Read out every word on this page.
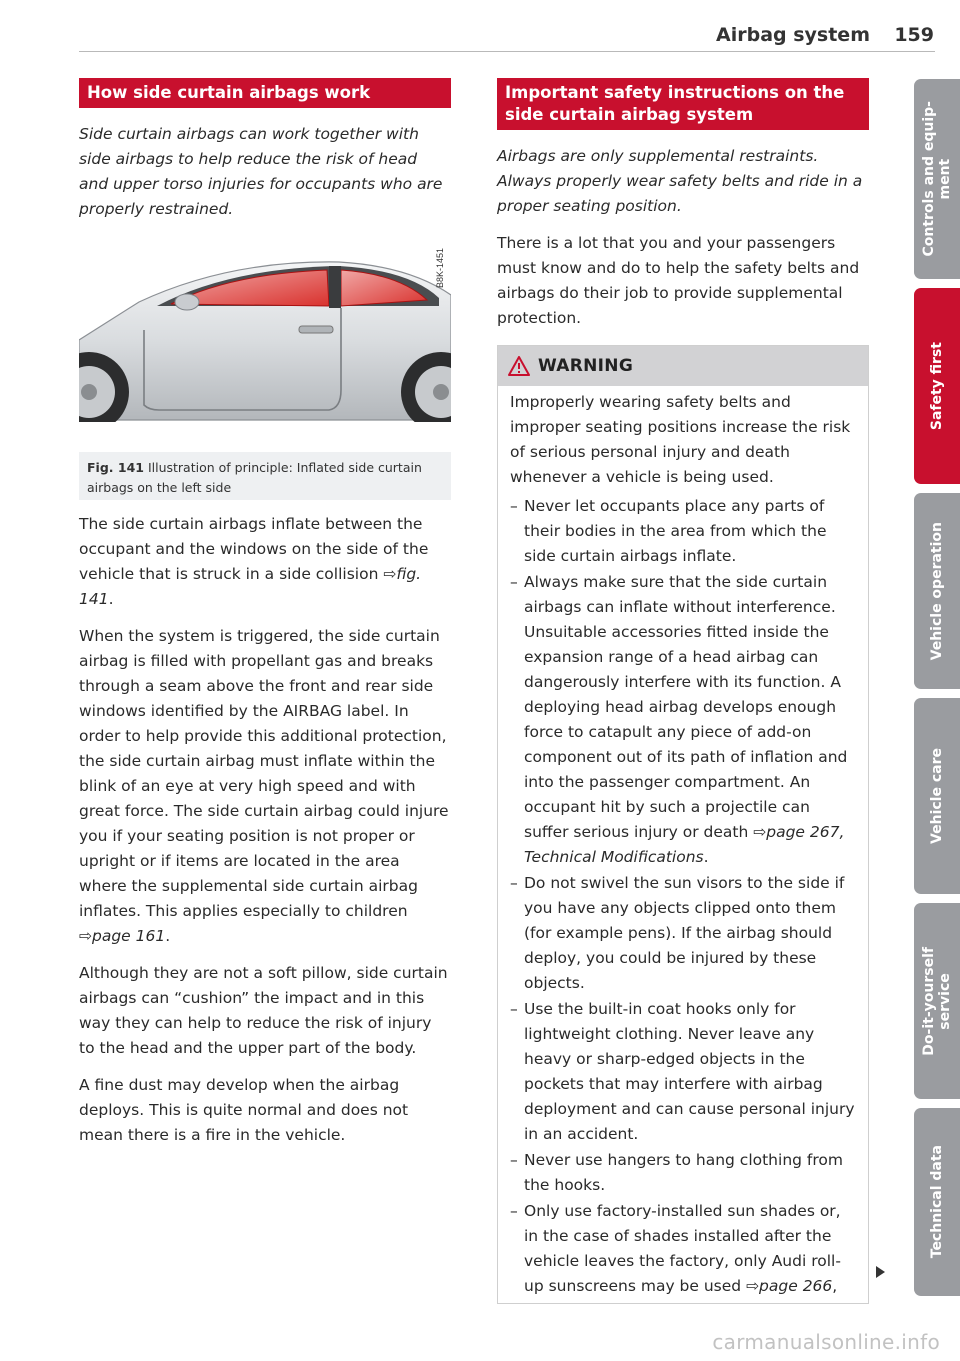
Airbag system 159
How side curtain airbags work

Side curtain airbags can work together with side airbags to help reduce the risk of head and upper torso injuries for occupants who are properly restrained.

B8K-1451
Fig. 141 Illustration of principle: Inflated side curtain airbags on the left side

The side curtain airbags inflate between the occupant and the windows on the side of the vehicle that is struck in a side collision ⇨fig. 141.

When the system is triggered, the side curtain airbag is filled with propellant gas and breaks through a seam above the front and rear side windows identified by the AIRBAG label. In order to help provide this additional protection, the side curtain airbag must inflate within the blink of an eye at very high speed and with great force. The side curtain airbag could injure you if your seating position is not proper or upright or if items are located in the area where the supplemental side curtain airbag inflates. This applies especially to children ⇨page 161.

Although they are not a soft pillow, side curtain airbags can “cushion” the impact and in this way they can help to reduce the risk of injury to the head and the upper part of the body.

A fine dust may develop when the airbag deploys. This is quite normal and does not mean there is a fire in the vehicle.

Important safety instructions on the side curtain airbag system

Airbags are only supplemental restraints. Always properly wear safety belts and ride in a proper seating position.

There is a lot that you and your passengers must know and do to help the safety belts and airbags do their job to provide supplemental protection.

WARNING
Improperly wearing safety belts and improper seating positions increase the risk of serious personal injury and death whenever a vehicle is being used.
– Never let occupants place any parts of their bodies in the area from which the side curtain airbags inflate.
– Always make sure that the side curtain airbags can inflate without interference. Unsuitable accessories fitted inside the expansion range of a head airbag can dangerously interfere with its function. A deploying head airbag develops enough force to catapult any piece of add-on component out of its path of inflation and into the passenger compartment. An occupant hit by such a projectile can suffer serious injury or death ⇨page 267, Technical Modifications.
– Do not swivel the sun visors to the side if you have any objects clipped onto them (for example pens). If the airbag should deploy, you could be injured by these objects.
– Use the built-in coat hooks only for lightweight clothing. Never leave any heavy or sharp-edged objects in the pockets that may interfere with airbag deployment and can cause personal injury in an accident.
– Never use hangers to hang clothing from the hooks.
– Only use factory-installed sun shades or, in the case of shades installed after the vehicle leaves the factory, only Audi roll-up sunscreens may be used ⇨page 266,
Controls and equip-
ment
Safety first
Vehicle operation
Vehicle care
Do-it-yourself
service
Technical data
carmanualsonline.info
